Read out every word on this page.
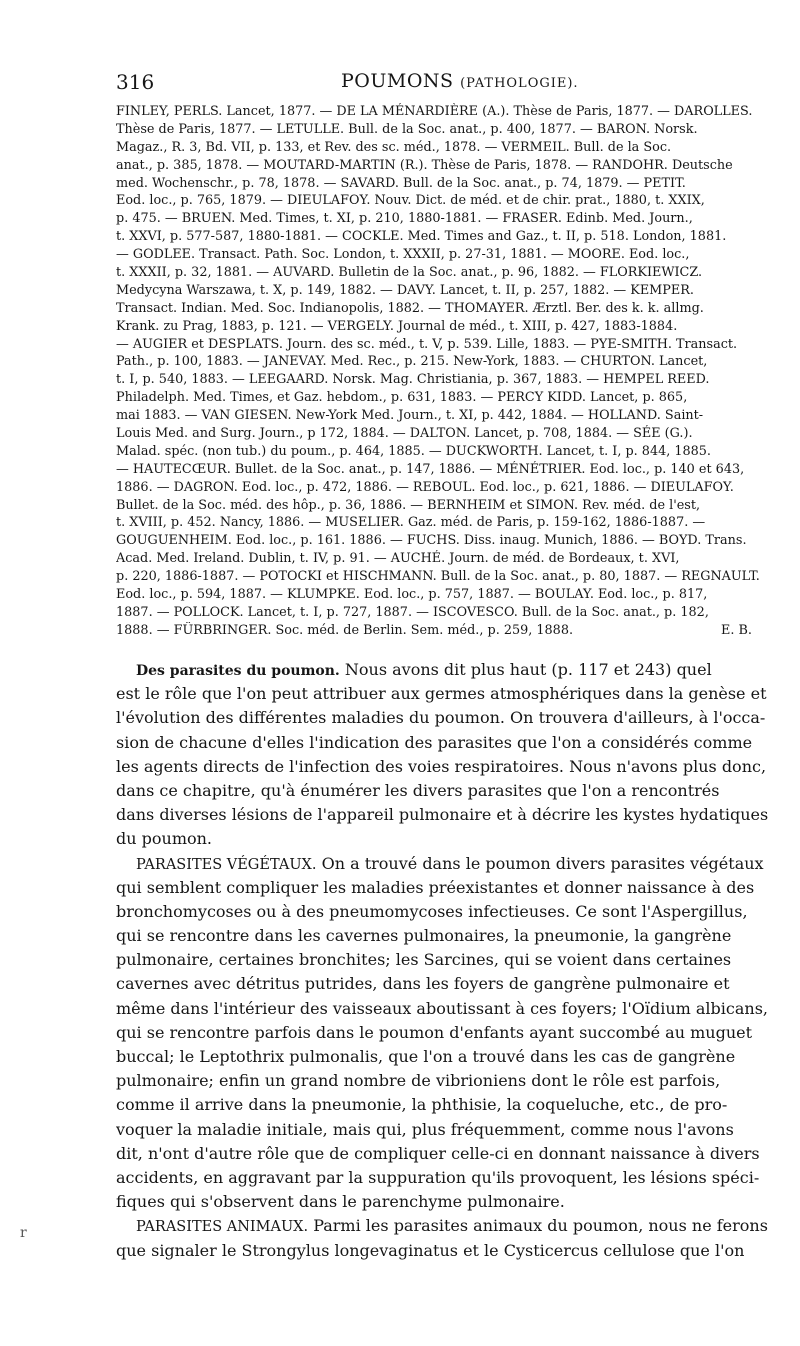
316	POUMONS (PATHOLOGIE).
FINLEY, PERLS. Lancet, 1877. — DE LA MÉNARDIÈRE (A.). Thèse de Paris, 1877. — DAROLLES.
Thèse de Paris, 1877. — LETULLE. Bull. de la Soc. anat., p. 400, 1877. — BARON. Norsk.
Magaz., R. 3, Bd. VII, p. 133, et Rev. des sc. méd., 1878. — VERMEIL. Bull. de la Soc.
anat., p. 385, 1878. — MOUTARD-MARTIN (R.). Thèse de Paris, 1878. — RANDOHR. Deutsche
med. Wochenschr., p. 78, 1878. — SAVARD. Bull. de la Soc. anat., p. 74, 1879. — PETIT.
Eod. loc., p. 765, 1879. — DIEULAFOY. Nouv. Dict. de méd. et de chir. prat., 1880, t. XXIX,
p. 475. — BRUEN. Med. Times, t. XI, p. 210, 1880-1881. — FRASER. Edinb. Med. Journ.,
t. XXVI, p. 577-587, 1880-1881. — COCKLE. Med. Times and Gaz., t. II, p. 518. London, 1881.
— GODLEE. Transact. Path. Soc. London, t. XXXII, p. 27-31, 1881. — MOORE. Eod. loc.,
t. XXXII, p. 32, 1881. — AUVARD. Bulletin de la Soc. anat., p. 96, 1882. — FLORKIEWICZ.
Medycyna Warszawa, t. X, p. 149, 1882. — DAVY. Lancet, t. II, p. 257, 1882. — KEMPER.
Transact. Indian. Med. Soc. Indianopolis, 1882. — THOMAYER. Ærztl. Ber. des k. k. allmg.
Krank. zu Prag, 1883, p. 121. — VERGELY. Journal de méd., t. XIII, p. 427, 1883-1884.
— AUGIER et DESPLATS. Journ. des sc. méd., t. V, p. 539. Lille, 1883. — PYE-SMITH. Transact.
Path., p. 100, 1883. — JANEVAY. Med. Rec., p. 215. New-York, 1883. — CHURTON. Lancet,
t. I, p. 540, 1883. — LEEGAARD. Norsk. Mag. Christiania, p. 367, 1883. — HEMPEL REED.
Philadelph. Med. Times, et Gaz. hebdom., p. 631, 1883. — PERCY KIDD. Lancet, p. 865,
mai 1883. — VAN GIESEN. New-York Med. Journ., t. XI, p. 442, 1884. — HOLLAND. Saint-
Louis Med. and Surg. Journ., p 172, 1884. — DALTON. Lancet, p. 708, 1884. — SÉE (G.).
Malad. spéc. (non tub.) du poum., p. 464, 1885. — DUCKWORTH. Lancet, t. I, p. 844, 1885.
— HAUTECŒUR. Bullet. de la Soc. anat., p. 147, 1886. — MÉNÉTRIER. Eod. loc., p. 140 et 643,
1886. — DAGRON. Eod. loc., p. 472, 1886. — REBOUL. Eod. loc., p. 621, 1886. — DIEULAFOY.
Bullet. de la Soc. méd. des hôp., p. 36, 1886. — BERNHEIM et SIMON. Rev. méd. de l'est,
t. XVIII, p. 452. Nancy, 1886. — MUSELIER. Gaz. méd. de Paris, p. 159-162, 1886-1887. —
GOUGUENHEIM. Eod. loc., p. 161. 1886. — FUCHS. Diss. inaug. Munich, 1886. — BOYD. Trans.
Acad. Med. Ireland. Dublin, t. IV, p. 91. — AUCHÉ. Journ. de méd. de Bordeaux, t. XVI,
p. 220, 1886-1887. — POTOCKI et HISCHMANN. Bull. de la Soc. anat., p. 80, 1887. — REGNAULT.
Eod. loc., p. 594, 1887. — KLUMPKE. Eod. loc., p. 757, 1887. — BOULAY. Eod. loc., p. 817,
1887. — POLLOCK. Lancet, t. I, p. 727, 1887. — ISCOVESCO. Bull. de la Soc. anat., p. 182,
1888. — FÜRBRINGER. Soc. méd. de Berlin. Sem. méd., p. 259, 1888.	E. B.
Des parasites du poumon. Nous avons dit plus haut (p. 117 et 243) quel
est le rôle que l'on peut attribuer aux germes atmosphériques dans la genèse et
l'évolution des différentes maladies du poumon. On trouvera d'ailleurs, à l'occa-
sion de chacune d'elles l'indication des parasites que l'on a considérés comme
les agents directs de l'infection des voies respiratoires. Nous n'avons plus donc,
dans ce chapitre, qu'à énumérer les divers parasites que l'on a rencontrés
dans diverses lésions de l'appareil pulmonaire et à décrire les kystes hydatiques
du poumon.
PARASITES VÉGÉTAUX. On a trouvé dans le poumon divers parasites végétaux
qui semblent compliquer les maladies préexistantes et donner naissance à des
bronchomycoses ou à des pneumomycoses infectieuses. Ce sont l'Aspergillus,
qui se rencontre dans les cavernes pulmonaires, la pneumonie, la gangrène
pulmonaire, certaines bronchites; les Sarcines, qui se voient dans certaines
cavernes avec détritus putrides, dans les foyers de gangrène pulmonaire et
même dans l'intérieur des vaisseaux aboutissant à ces foyers; l'Oïdium albicans,
qui se rencontre parfois dans le poumon d'enfants ayant succombé au muguet
buccal; le Leptothrix pulmonalis, que l'on a trouvé dans les cas de gangrène
pulmonaire; enfin un grand nombre de vibrioniens dont le rôle est parfois,
comme il arrive dans la pneumonie, la phthisie, la coqueluche, etc., de pro-
voquer la maladie initiale, mais qui, plus fréquemment, comme nous l'avons
dit, n'ont d'autre rôle que de compliquer celle-ci en donnant naissance à divers
accidents, en aggravant par la suppuration qu'ils provoquent, les lésions spéci-
fiques qui s'observent dans le parenchyme pulmonaire.
PARASITES ANIMAUX. Parmi les parasites animaux du poumon, nous ne ferons
que signaler le Strongylus longevaginatus et le Cysticercus cellulose que l'on
r
